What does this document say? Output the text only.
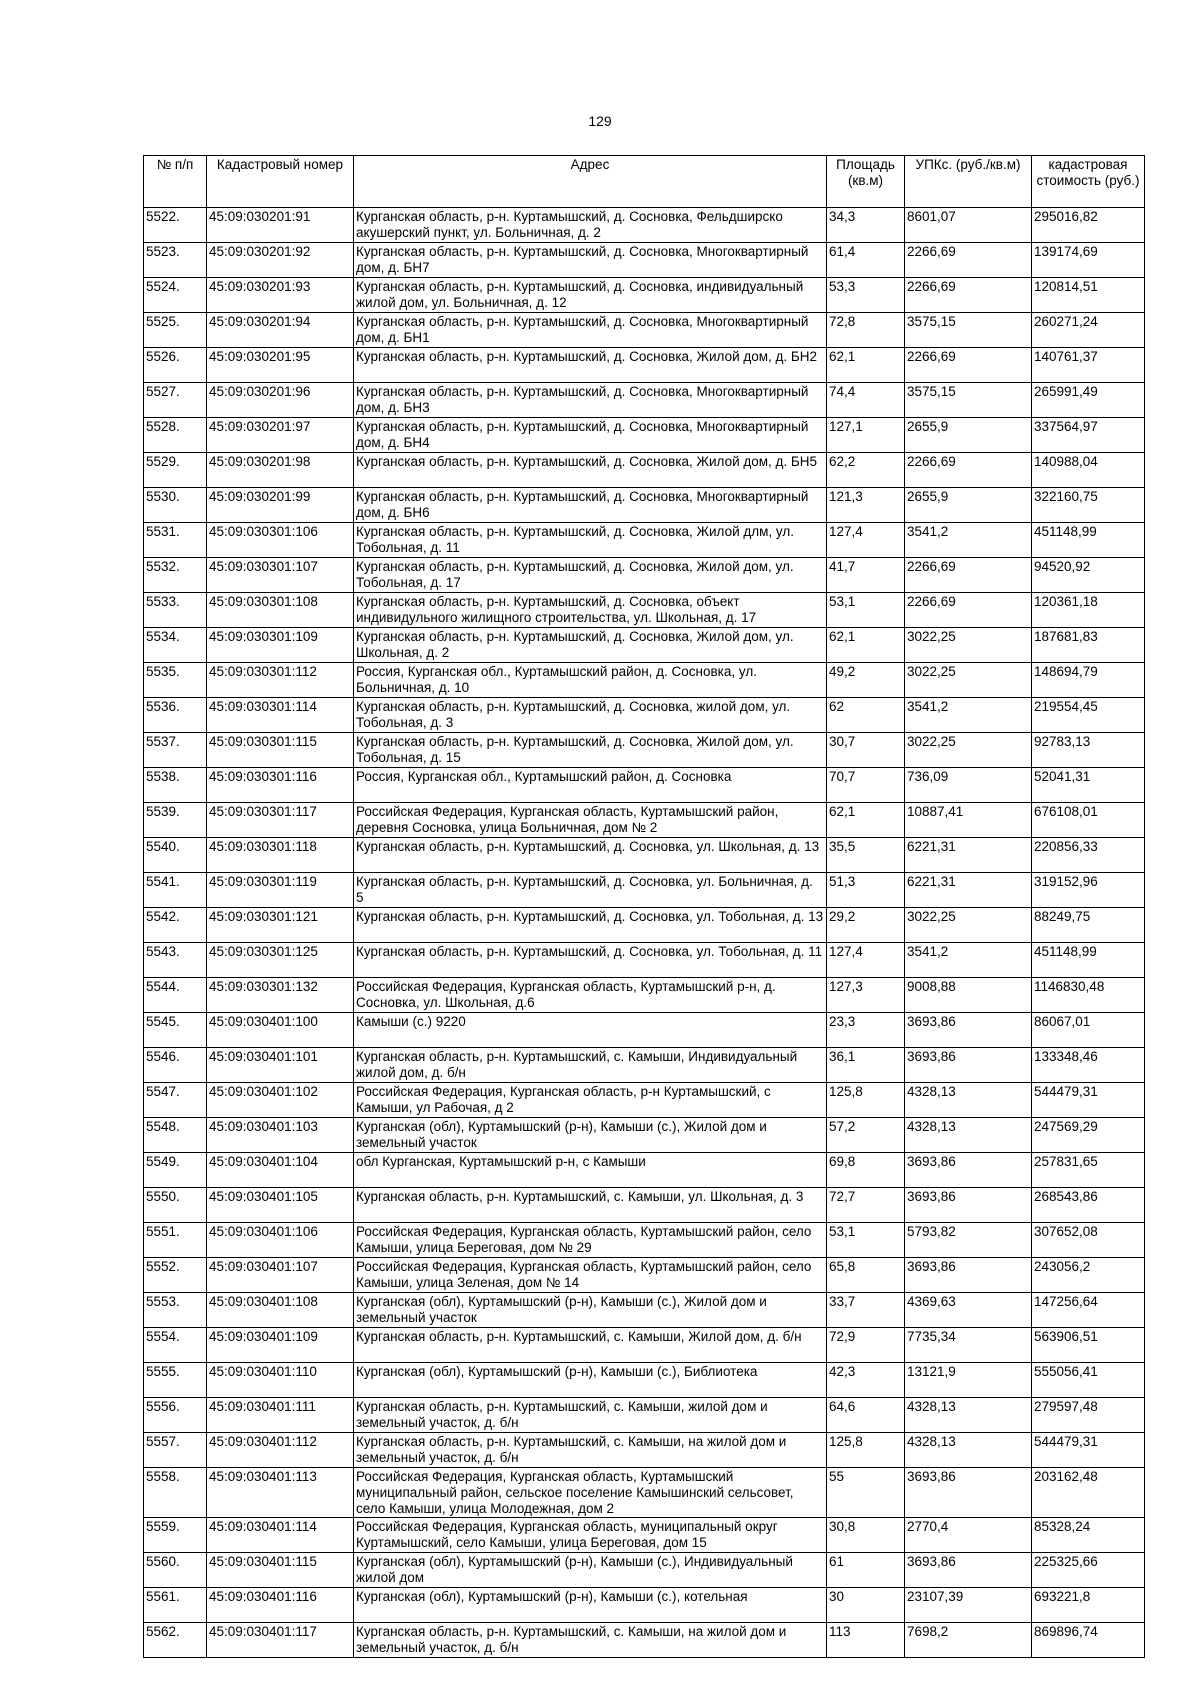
129
№ п/п	Кадастровый номер	Адрес	Площадь (кв.м)	УПКс. (руб./кв.м)	кадастровая стоимость (руб.)
5522.	45:09:030201:91	Курганская область, р-н. Куртамышский, д. Сосновка, Фельдширско акушерский пункт, ул. Больничная, д. 2	34,3	8601,07	295016,82
5523.	45:09:030201:92	Курганская область, р-н. Куртамышский, д. Сосновка, Многоквартирный дом, д. БН7	61,4	2266,69	139174,69
5524.	45:09:030201:93	Курганская область, р-н. Куртамышский, д. Сосновка, индивидуальный жилой дом, ул. Больничная, д. 12	53,3	2266,69	120814,51
5525.	45:09:030201:94	Курганская область, р-н. Куртамышский, д. Сосновка, Многоквартирный дом, д. БН1	72,8	3575,15	260271,24
5526.	45:09:030201:95	Курганская область, р-н. Куртамышский, д. Сосновка, Жилой дом, д. БН2	62,1	2266,69	140761,37
5527.	45:09:030201:96	Курганская область, р-н. Куртамышский, д. Сосновка, Многоквартирный дом, д. БН3	74,4	3575,15	265991,49
5528.	45:09:030201:97	Курганская область, р-н. Куртамышский, д. Сосновка, Многоквартирный дом, д. БН4	127,1	2655,9	337564,97
5529.	45:09:030201:98	Курганская область, р-н. Куртамышский, д. Сосновка, Жилой дом, д. БН5	62,2	2266,69	140988,04
5530.	45:09:030201:99	Курганская область, р-н. Куртамышский, д. Сосновка, Многоквартирный дом, д. БН6	121,3	2655,9	322160,75
5531.	45:09:030301:106	Курганская область, р-н. Куртамышский, д. Сосновка, Жилой длм, ул. Тобольная, д. 11	127,4	3541,2	451148,99
5532.	45:09:030301:107	Курганская область, р-н. Куртамышский, д. Сосновка, Жилой дом, ул. Тобольная, д. 17	41,7	2266,69	94520,92
5533.	45:09:030301:108	Курганская область, р-н. Куртамышский, д. Сосновка, объект индивидульного жилищного строительства, ул. Школьная, д. 17	53,1	2266,69	120361,18
5534.	45:09:030301:109	Курганская область, р-н. Куртамышский, д. Сосновка, Жилой дом, ул. Школьная, д. 2	62,1	3022,25	187681,83
5535.	45:09:030301:112	Россия, Курганская обл., Куртамышский район, д. Сосновка, ул. Больничная, д. 10	49,2	3022,25	148694,79
5536.	45:09:030301:114	Курганская область, р-н. Куртамышский, д. Сосновка, жилой дом, ул. Тобольная, д. 3	62	3541,2	219554,45
5537.	45:09:030301:115	Курганская область, р-н. Куртамышский, д. Сосновка, Жилой дом, ул. Тобольная, д. 15	30,7	3022,25	92783,13
5538.	45:09:030301:116	Россия, Курганская обл., Куртамышский район, д. Сосновка	70,7	736,09	52041,31
5539.	45:09:030301:117	Российская Федерация, Курганская область, Куртамышский район, деревня Сосновка, улица Больничная, дом № 2	62,1	10887,41	676108,01
5540.	45:09:030301:118	Курганская область, р-н. Куртамышский, д. Сосновка, ул. Школьная, д. 13	35,5	6221,31	220856,33
5541.	45:09:030301:119	Курганская область, р-н. Куртамышский, д. Сосновка, ул. Больничная, д. 5	51,3	6221,31	319152,96
5542.	45:09:030301:121	Курганская область, р-н. Куртамышский, д. Сосновка, ул. Тобольная, д. 13	29,2	3022,25	88249,75
5543.	45:09:030301:125	Курганская область, р-н. Куртамышский, д. Сосновка, ул. Тобольная, д. 11	127,4	3541,2	451148,99
5544.	45:09:030301:132	Российская Федерация, Курганская область, Куртамышский р-н, д. Сосновка, ул. Школьная, д.6	127,3	9008,88	1146830,48
5545.	45:09:030401:100	Камыши (с.) 9220	23,3	3693,86	86067,01
5546.	45:09:030401:101	Курганская область, р-н. Куртамышский, с. Камыши, Индивидуальный жилой дом, д. б/н	36,1	3693,86	133348,46
5547.	45:09:030401:102	Российская Федерация, Курганская область, р-н Куртамышский, с Камыши, ул Рабочая, д 2	125,8	4328,13	544479,31
5548.	45:09:030401:103	Курганская (обл), Куртамышский (р-н), Камыши (с.), Жилой дом и земельный участок	57,2	4328,13	247569,29
5549.	45:09:030401:104	обл Курганская, Куртамышский р-н, с Камыши	69,8	3693,86	257831,65
5550.	45:09:030401:105	Курганская область, р-н. Куртамышский, с. Камыши, ул. Школьная, д. 3	72,7	3693,86	268543,86
5551.	45:09:030401:106	Российская Федерация, Курганская область, Куртамышский район, село Камыши, улица Береговая, дом № 29	53,1	5793,82	307652,08
5552.	45:09:030401:107	Российская Федерация, Курганская область, Куртамышский район, село Камыши, улица Зеленая, дом № 14	65,8	3693,86	243056,2
5553.	45:09:030401:108	Курганская (обл), Куртамышский (р-н), Камыши (с.), Жилой дом и земельный участок	33,7	4369,63	147256,64
5554.	45:09:030401:109	Курганская область, р-н. Куртамышский, с. Камыши, Жилой дом, д. б/н	72,9	7735,34	563906,51
5555.	45:09:030401:110	Курганская (обл), Куртамышский (р-н), Камыши (с.), Библиотека	42,3	13121,9	555056,41
5556.	45:09:030401:111	Курганская область, р-н. Куртамышский, с. Камыши, жилой дом и земельный участок, д. б/н	64,6	4328,13	279597,48
5557.	45:09:030401:112	Курганская область, р-н. Куртамышский, с. Камыши, на жилой дом и земельный участок, д. б/н	125,8	4328,13	544479,31
5558.	45:09:030401:113	Российская Федерация, Курганская область, Куртамышский муниципальный район, сельское поселение Камышинский сельсовет, село Камыши, улица Молодежная, дом 2	55	3693,86	203162,48
5559.	45:09:030401:114	Российская Федерация, Курганская область, муниципальный округ Куртамышский, село Камыши, улица Береговая, дом 15	30,8	2770,4	85328,24
5560.	45:09:030401:115	Курганская (обл), Куртамышский (р-н), Камыши (с.), Индивидуальный жилой дом	61	3693,86	225325,66
5561.	45:09:030401:116	Курганская (обл), Куртамышский (р-н), Камыши (с.), котельная	30	23107,39	693221,8
5562.	45:09:030401:117	Курганская область, р-н. Куртамышский, с. Камыши, на жилой дом и земельный участок, д. б/н	113	7698,2	869896,74
